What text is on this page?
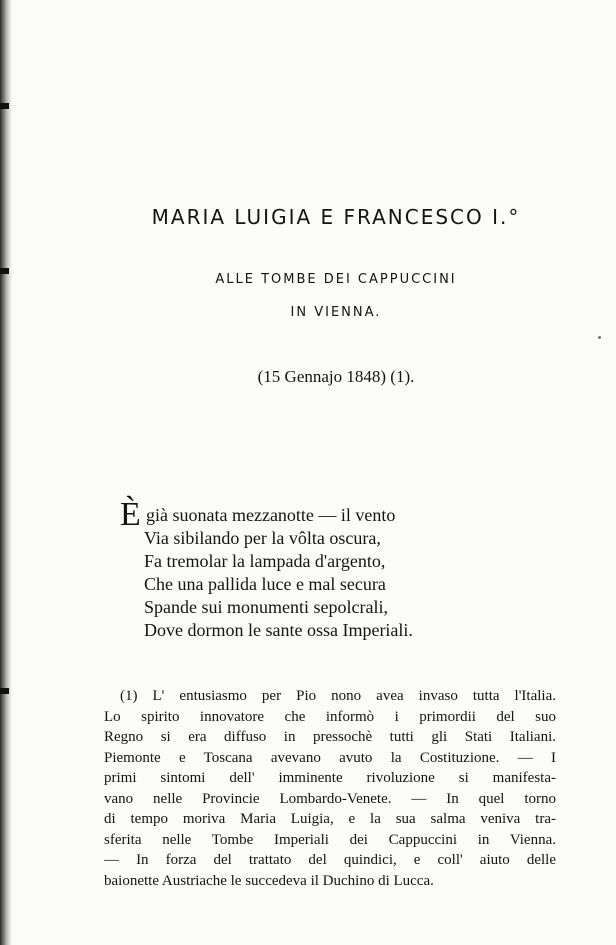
MARIA LUIGIA E FRANCESCO I.°
ALLE TOMBE DEI CAPPUCCINI
IN VIENNA.
(15 Gennajo 1848) (1).
È già suonata mezzanotte — il vento
Via sibilando per la vôlta oscura,
Fa tremolar la lampada d'argento,
Che una pallida luce e mal secura
Spande sui monumenti sepolcrali,
Dove dormon le sante ossa Imperiali.
(1) L' entusiasmo per Pio nono avea invaso tutta l'Italia.
Lo spirito innovatore che informò i primordii del suo
Regno si era diffuso in pressochè tutti gli Stati Italiani.
Piemonte e Toscana avevano avuto la Costituzione. — I
primi sintomi dell' imminente rivoluzione si manifesta-
vano nelle Provincie Lombardo-Venete. — In quel torno
di tempo moriva Maria Luigia, e la sua salma veniva tra-
sferita nelle Tombe Imperiali dei Cappuccini in Vienna.
— In forza del trattato del quindici, e coll' aiuto delle
baionette Austriache le succedeva il Duchino di Lucca.
